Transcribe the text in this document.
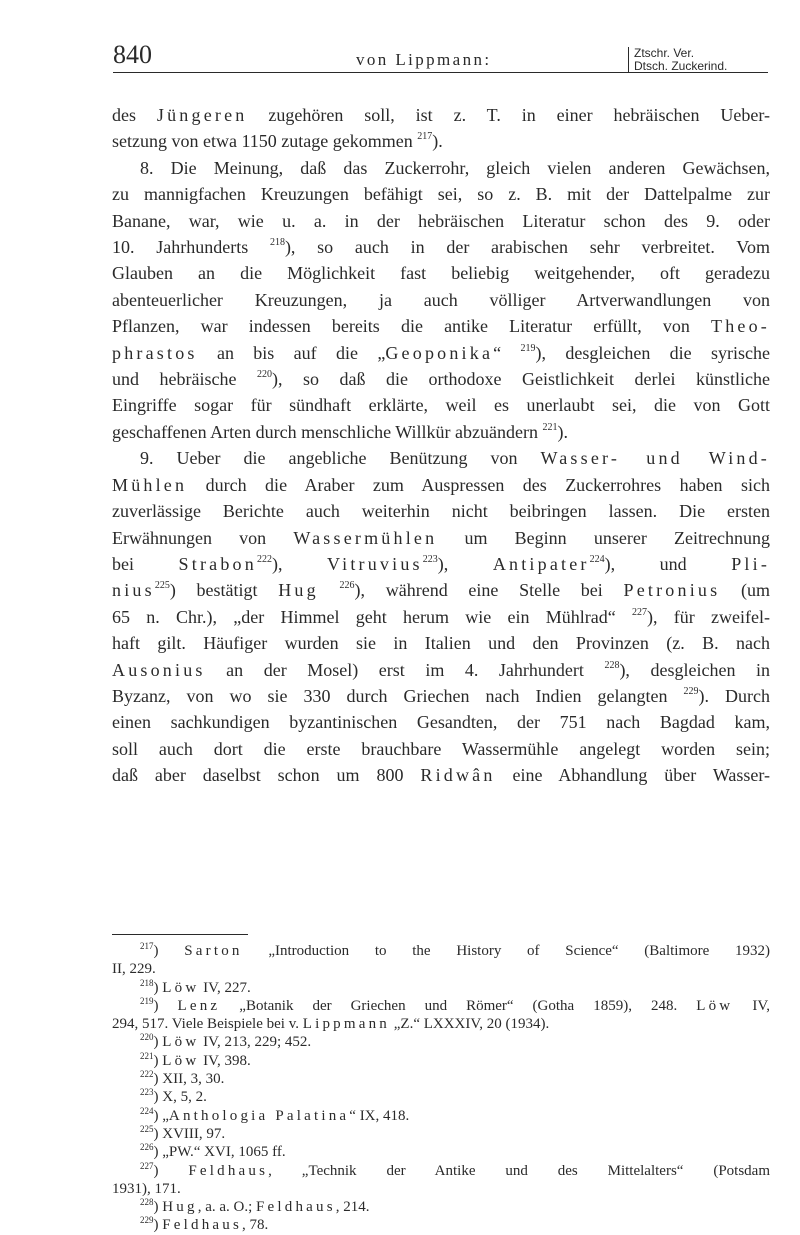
840	von Lippmann:	Ztschr. Ver.
Dtsch. Zuckerind.
des Jüngeren zugehören soll, ist z. T. in einer hebräischen Ueber-
setzung von etwa 1150 zutage gekommen $^{217}$).
8. Die Meinung, daß das Zuckerrohr, gleich vielen anderen Gewächsen,
zu mannigfachen Kreuzungen befähigt sei, so z. B. mit der Dattelpalme zur
Banane, war, wie u. a. in der hebräischen Literatur schon des 9. oder
10. Jahrhunderts $^{218}$), so auch in der arabischen sehr verbreitet. Vom
Glauben an die Möglichkeit fast beliebig weitgehender, oft geradezu
abenteuerlicher Kreuzungen, ja auch völliger Artverwandlungen von
Pflanzen, war indessen bereits die antike Literatur erfüllt, von Theo-
phrastos an bis auf die „Geoponika“ $^{219}$), desgleichen die syrische
und hebräische $^{220}$), so daß die orthodoxe Geistlichkeit derlei künstliche
Eingriffe sogar für sündhaft erklärte, weil es unerlaubt sei, die von Gott
geschaffenen Arten durch menschliche Willkür abzuändern $^{221}$).
9. Ueber die angebliche Benützung von Wasser- und Wind-
Mühlen durch die Araber zum Auspressen des Zuckerrohres haben sich
zuverlässige Berichte auch weiterhin nicht beibringen lassen. Die ersten
Erwähnungen von Wassermühlen um Beginn unserer Zeitrechnung
bei Strabon$^{222}$), Vitruvius$^{223}$), Antipater$^{224}$), und Pli-
nius$^{225}$) bestätigt Hug $^{226}$), während eine Stelle bei Petronius (um
65 n. Chr.), „der Himmel geht herum wie ein Mühlrad“ $^{227}$), für zweifel-
haft gilt. Häufiger wurden sie in Italien und den Provinzen (z. B. nach
Ausonius an der Mosel) erst im 4. Jahrhundert $^{228}$), desgleichen in
Byzanz, von wo sie 330 durch Griechen nach Indien gelangten $^{229}$). Durch
einen sachkundigen byzantinischen Gesandten, der 751 nach Bagdad kam,
soll auch dort die erste brauchbare Wassermühle angelegt worden sein;
daß aber daselbst schon um 800 Ridwân eine Abhandlung über Wasser-
$^{217}$) Sarton „Introduction to the History of Science“ (Baltimore 1932)
II, 229.
$^{218}$) Löw IV, 227.
$^{219}$) Lenz „Botanik der Griechen und Römer“ (Gotha 1859), 248. Löw IV,
294, 517. Viele Beispiele bei v. Lippmann „Z.“ LXXXIV, 20 (1934).
$^{220}$) Löw IV, 213, 229; 452.
$^{221}$) Löw IV, 398.
$^{222}$) XII, 3, 30.
$^{223}$) X, 5, 2.
$^{224}$) „Anthologia Palatina“ IX, 418.
$^{225}$) XVIII, 97.
$^{226}$) „PW.“ XVI, 1065 ff.
$^{227}$) Feldhaus, „Technik der Antike und des Mittelalters“ (Potsdam
1931), 171.
$^{228}$) Hug, a. a. O.; Feldhaus, 214.
$^{229}$) Feldhaus, 78.
